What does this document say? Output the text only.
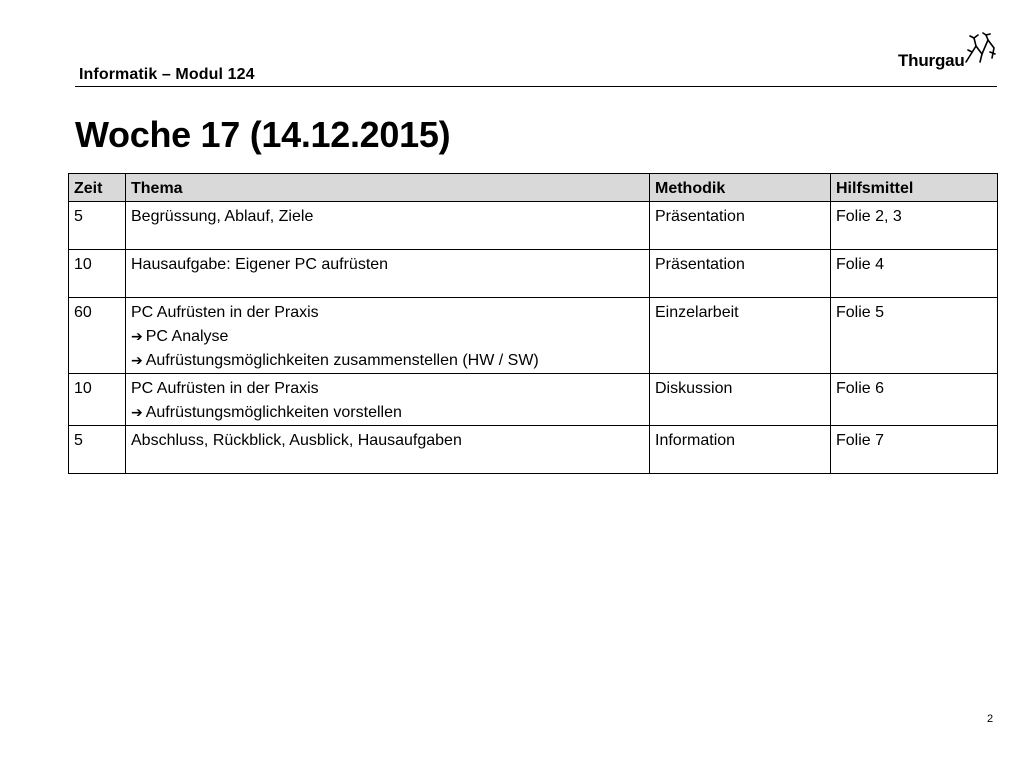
Informatik – Modul 124
Thurgau
Woche 17 (14.12.2015)
Zeit	Thema	Methodik	Hilfsmittel
5	Begrüssung, Ablauf, Ziele	Präsentation	Folie 2, 3
10	Hausaufgabe: Eigener PC aufrüsten	Präsentation	Folie 4
60	PC Aufrüsten in der Praxis
➔ PC Analyse
➔ Aufrüstungsmöglichkeiten zusammenstellen (HW / SW)	Einzelarbeit	Folie 5
10	PC Aufrüsten in der Praxis
➔ Aufrüstungsmöglichkeiten vorstellen	Diskussion	Folie 6
5	Abschluss, Rückblick, Ausblick, Hausaufgaben	Information	Folie 7
2
